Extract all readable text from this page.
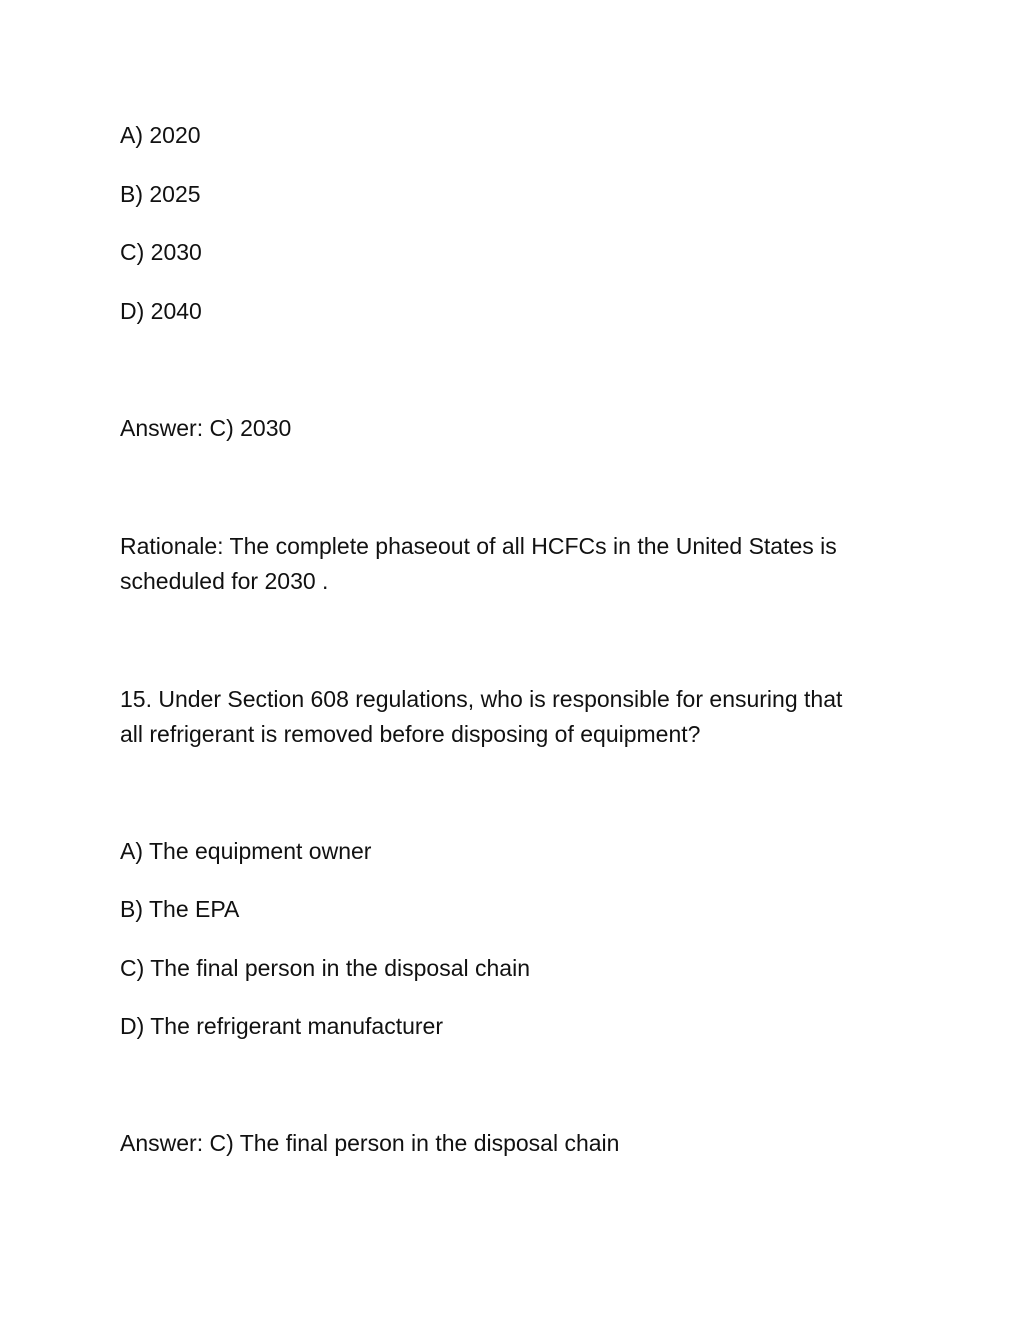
A) 2020
B) 2025
C) 2030
D) 2040
Answer: C) 2030
Rationale: The complete phaseout of all HCFCs in the United States is
scheduled for 2030 .
15. Under Section 608 regulations, who is responsible for ensuring that
all refrigerant is removed before disposing of equipment?
A) The equipment owner
B) The EPA
C) The final person in the disposal chain
D) The refrigerant manufacturer
Answer: C) The final person in the disposal chain
